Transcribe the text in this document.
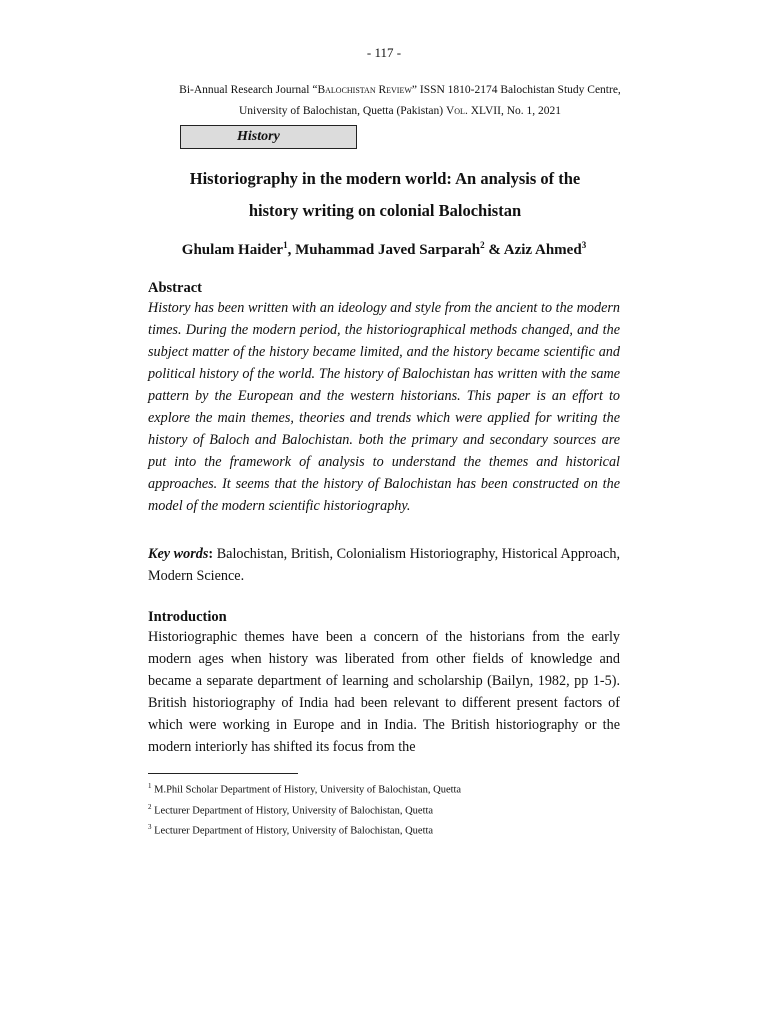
- 117 -
Bi-Annual Research Journal “Balochistan Review” ISSN 1810-2174 Balochistan Study Centre,
University of Balochistan, Quetta (Pakistan) Vol. XLVII, No. 1, 2021
History
Historiography in the modern world: An analysis of the
history writing on colonial Balochistan
Ghulam Haider$^1$, Muhammad Javed Sarparah$^2$ & Aziz Ahmed$^3$
Abstract
History has been written with an ideology and style from the ancient to the modern times. During the modern period, the historiographical methods changed, and the subject matter of the history became limited, and the history became scientific and political history of the world. The history of Balochistan has written with the same pattern by the European and the western historians. This paper is an effort to explore the main themes, theories and trends which were applied for writing the history of Baloch and Balochistan. both the primary and secondary sources are put into the framework of analysis to understand the themes and historical approaches. It seems that the history of Balochistan has been constructed on the model of the modern scientific historiography.
Key words: Balochistan, British, Colonialism Historiography, Historical Approach, Modern Science.
Introduction
Historiographic themes have been a concern of the historians from the early modern ages when history was liberated from other fields of knowledge and became a separate department of learning and scholarship (Bailyn, 1982, pp 1-5). British historiography of India had been relevant to different present factors of which were working in Europe and in India. The British historiography or the modern interiorly has shifted its focus from the
$^1$ M.Phil Scholar Department of History, University of Balochistan, Quetta
$^2$ Lecturer Department of History, University of Balochistan, Quetta
$^3$ Lecturer Department of History, University of Balochistan, Quetta
